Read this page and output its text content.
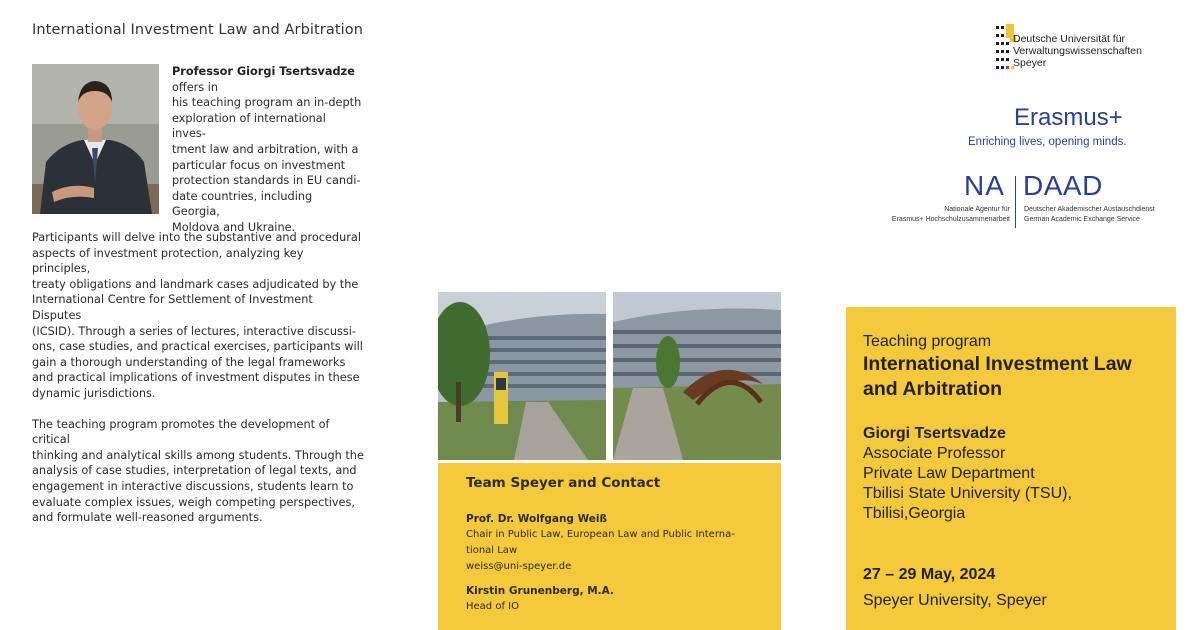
International Investment Law and Arbitration
Professor Giorgi Tsertsvadze offers in
his teaching program an in-depth
exploration of international inves-
tment law and arbitration, with a
particular focus on investment
protection standards in EU candi-
date countries, including Georgia,
Moldova and Ukraine.

Participants will delve into the substantive and procedural
aspects of investment protection, analyzing key principles,
treaty obligations and landmark cases adjudicated by the
International Centre for Settlement of Investment Disputes
(ICSID). Through a series of lectures, interactive discussi-
ons, case studies, and practical exercises, participants will
gain a thorough understanding of the legal frameworks
and practical implications of investment disputes in these
dynamic jurisdictions.

The teaching program promotes the development of critical
thinking and analytical skills among students. Through the
analysis of case studies, interpretation of legal texts, and
engagement in interactive discussions, students learn to
evaluate complex issues, weigh competing perspectives,
and formulate well-reasoned arguments.

Team Speyer and Contact
Prof. Dr. Wolfgang Weiß
Chair in Public Law, European Law and Public Interna-
tional Law
weiss@uni-speyer.de
Kirstin Grunenberg, M.A.
Head of IO
Deutsche Universität für
Verwaltungswissenschaften
Speyer
Erasmus+
Enriching lives, opening minds.
NA DAAD
Nationale Agentur für
Erasmus+ Hochschulzusammenarbeit
Deutscher Akademischer Austauschdienst
German Academic Exchange Service
Teaching program
International Investment Law
and Arbitration
Giorgi Tsertsvadze
Associate Professor
Private Law Department
Tbilisi State University (TSU),
Tbilisi,Georgia
27 – 29 May, 2024
Speyer University, Speyer
